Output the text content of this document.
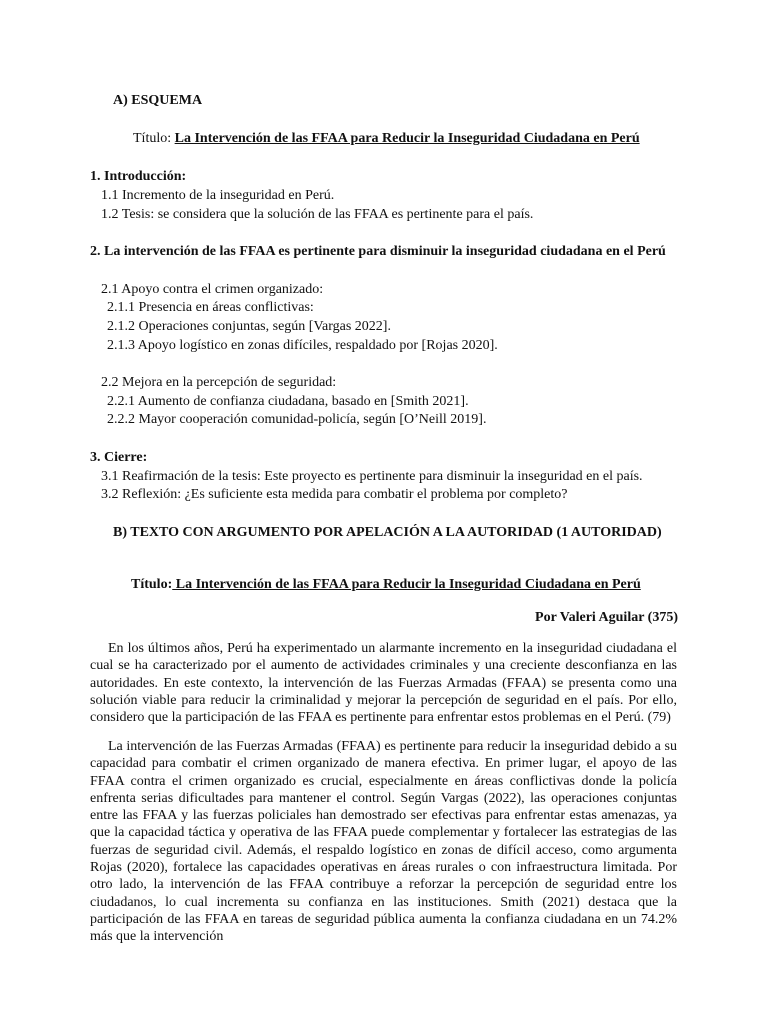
A) ESQUEMA
Título: La Intervención de las FFAA para Reducir la Inseguridad Ciudadana en Perú
1. Introducción:
1.1 Incremento de la inseguridad en Perú.
1.2 Tesis: se considera que la solución de las FFAA es pertinente para el país.
2. La intervención de las FFAA es pertinente para disminuir la inseguridad ciudadana en el Perú
2.1 Apoyo contra el crimen organizado:
2.1.1 Presencia en áreas conflictivas:
2.1.2 Operaciones conjuntas, según [Vargas 2022].
2.1.3 Apoyo logístico en zonas difíciles, respaldado por [Rojas 2020].
2.2 Mejora en la percepción de seguridad:
2.2.1 Aumento de confianza ciudadana, basado en [Smith 2021].
2.2.2 Mayor cooperación comunidad-policía, según [O’Neill 2019].
3. Cierre:
3.1 Reafirmación de la tesis: Este proyecto es pertinente para disminuir la inseguridad en el país.
3.2 Reflexión: ¿Es suficiente esta medida para combatir el problema por completo?
B) TEXTO CON ARGUMENTO POR APELACIÓN A LA AUTORIDAD (1 AUTORIDAD)
Título: La Intervención de las FFAA para Reducir la Inseguridad Ciudadana en Perú
Por Valeri Aguilar (375)
En los últimos años, Perú ha experimentado un alarmante incremento en la inseguridad ciudadana el cual se ha caracterizado por el aumento de actividades criminales y una creciente desconfianza en las autoridades. En este contexto, la intervención de las Fuerzas Armadas (FFAA) se presenta como una solución viable para reducir la criminalidad y mejorar la percepción de seguridad en el país. Por ello, considero que la participación de las FFAA es pertinente para enfrentar estos problemas en el Perú. (79)
La intervención de las Fuerzas Armadas (FFAA) es pertinente para reducir la inseguridad debido a su capacidad para combatir el crimen organizado de manera efectiva. En primer lugar, el apoyo de las FFAA contra el crimen organizado es crucial, especialmente en áreas conflictivas donde la policía enfrenta serias dificultades para mantener el control. Según Vargas (2022), las operaciones conjuntas entre las FFAA y las fuerzas policiales han demostrado ser efectivas para enfrentar estas amenazas, ya que la capacidad táctica y operativa de las FFAA puede complementar y fortalecer las estrategias de las fuerzas de seguridad civil. Además, el respaldo logístico en zonas de difícil acceso, como argumenta Rojas (2020), fortalece las capacidades operativas en áreas rurales o con infraestructura limitada. Por otro lado, la intervención de las FFAA contribuye a reforzar la percepción de seguridad entre los ciudadanos, lo cual incrementa su confianza en las instituciones. Smith (2021) destaca que la participación de las FFAA en tareas de seguridad pública aumenta la confianza ciudadana en un 74.2% más que la intervención
